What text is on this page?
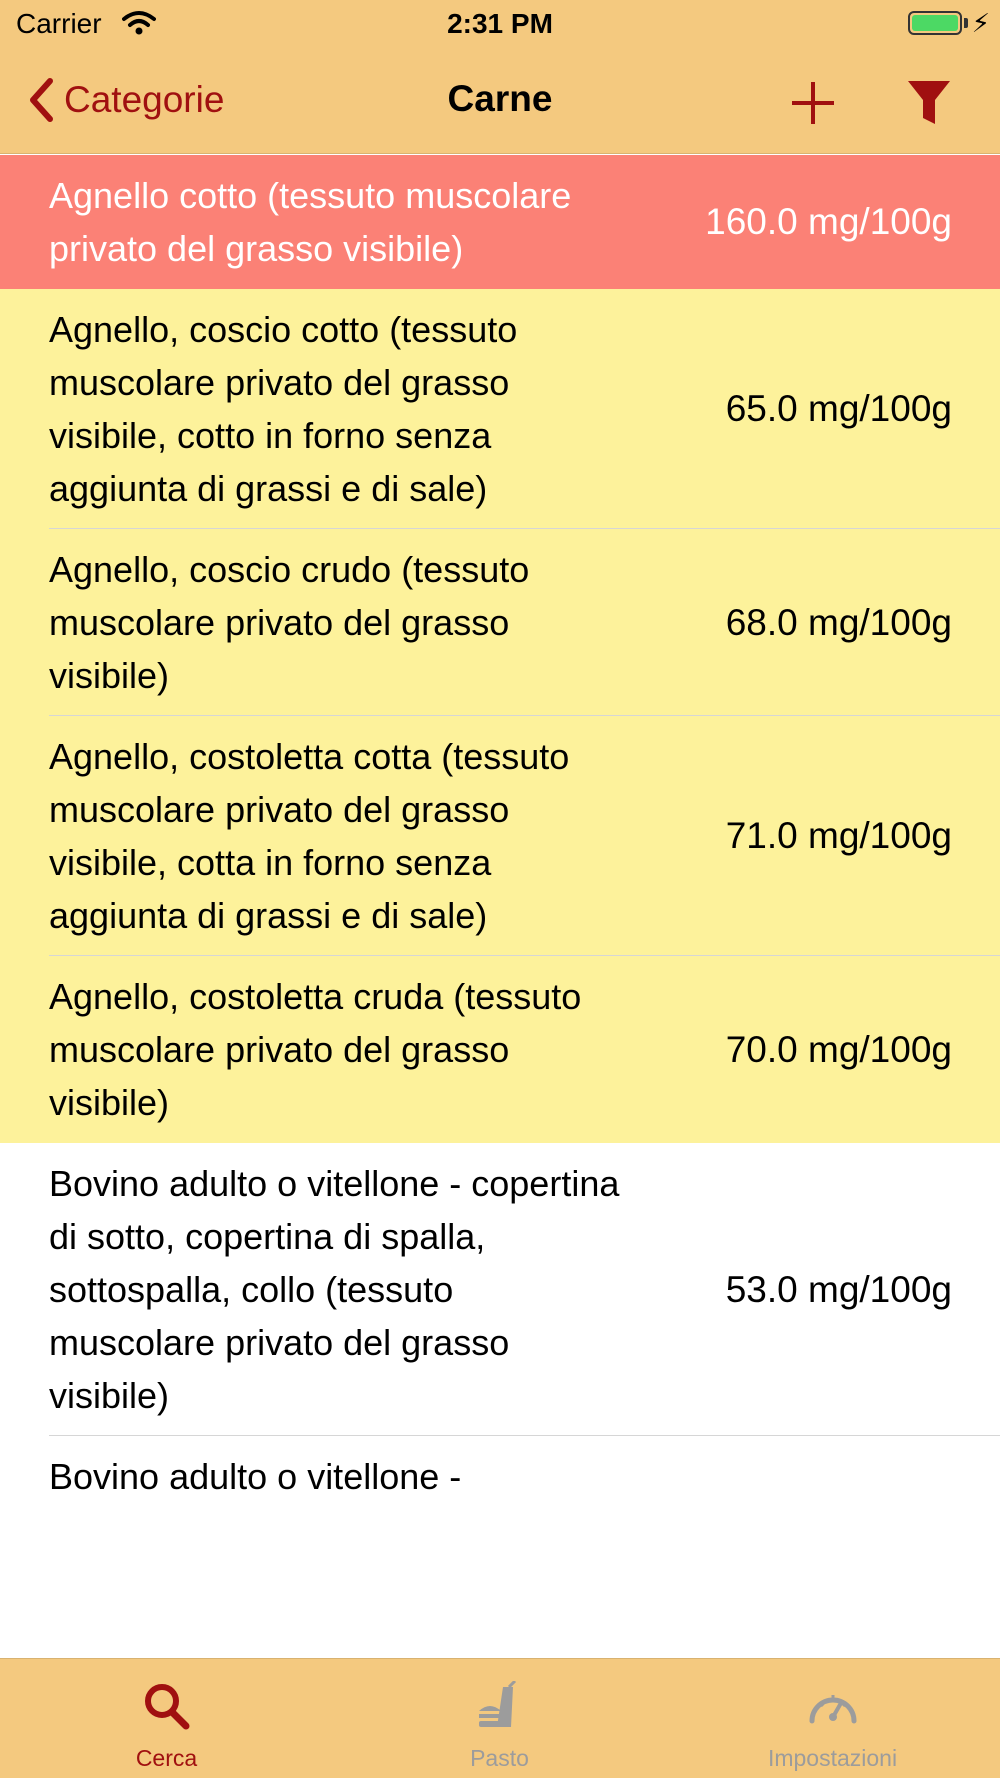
Carrier	2:31 PM	⚡
Categorie	Carne
Agnello cotto (tessuto muscolare privato del grasso visibile)
160.0 mg/100g
Agnello, coscio cotto (tessuto muscolare privato del grasso visibile, cotto in forno senza aggiunta di grassi e di sale)
65.0 mg/100g
Agnello, coscio crudo (tessuto muscolare privato del grasso visibile)
68.0 mg/100g
Agnello, costoletta cotta (tessuto muscolare privato del grasso visibile, cotta in forno senza aggiunta di grassi e di sale)
71.0 mg/100g
Agnello, costoletta cruda (tessuto muscolare privato del grasso visibile)
70.0 mg/100g
Bovino adulto o vitellone - copertina di sotto, copertina di spalla, sottospalla, collo (tessuto muscolare privato del grasso visibile)
53.0 mg/100g
Bovino adulto o vitellone -
Cerca	Pasto	Impostazioni
